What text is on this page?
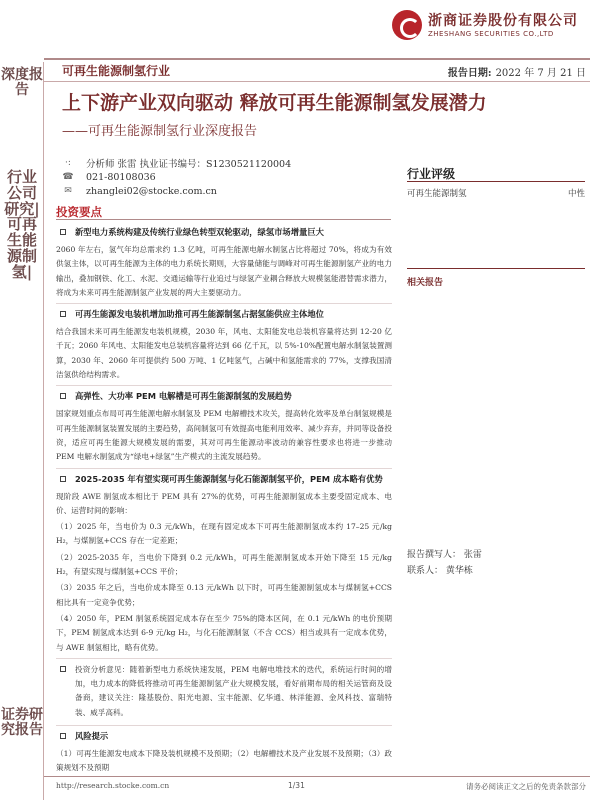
深度报告
行业公司研究|可再生能源制氢|
证券研究报告
浙商证券股份有限公司
ZHESHANG SECURITIES CO.,LTD
可再生能源制氢行业	报告日期: 2022 年 7 月 21 日
上下游产业双向驱动 释放可再生能源制氢发展潜力
——可再生能源制氢行业深度报告
·:	分析师 张雷 执业证书编号：S1230521120004
☎ 021-80108036
✉ zhanglei02@stocke.com.cn
行业评级
可再生能源制氢	中性
相关报告
报告撰写人： 张雷
联系人： 黄华栋
投资要点
新型电力系统构建及传统行业绿色转型双轮驱动，绿氢市场增量巨大
2060 年左右，氢气年均总需求约 1.3 亿吨，可再生能源电解水制氢占比将超过 70%，将成为有效供氢主体，以可再生能源为主体的电力系统长期则，大容量储能与调峰对可再生能源制氢产业的电力输出，叠加钢铁、化工、水泥、交通运输等行业追过与绿氢产业耦合释放大规模氢能潜替需求潜力，将成为未来可再生能源制氢产业发展的两大主要驱动力。
可再生能源发电装机增加助推可再生能源制氢占据氢能供应主体地位
结合我国未来可再生能源发电装机规模，2030 年，风电、太阳能发电总装机容量将达到 12-20 亿千瓦；2060 年风电、太阳能发电总装机容量将达到 66 亿千瓦，以 5%-10%配置电解水制氢装置测算，2030 年、2060 年可提供约 500 万吨、1 亿吨氢气，占碱中和氢能需求的 77%，支撑我国清洁氢供给结构需求。
高弹性、大功率 PEM 电解槽是可再生能源制氢的发展趋势
国家规划重点布局可再生能源电解水制氢及 PEM 电解槽技术攻关，提高转化效率及单台制氢规模是可再生能源制氢装置发展的主要趋势，高间制氢可有效提高电能利用效率、减少弃弃，并同等设备投资，适应可再生能源大规模发展的需要，其对可再生能源动率波动的兼容性要求也将进一步推动 PEM 电解水制氢成为“绿电+绿氢”生产模式的主流发展趋势。
2025-2035 年有望实现可再生能源制氢与化石能源制氢平价，PEM 成本略有优势
现阶段 AWE 制氢成本相比于 PEM 具有 27%的优势，可再生能源制氢成本主要受固定成本、电价、运营时间的影响：
（1）2025 年，当电价为 0.3 元/kWh，在现有固定成本下可再生能源制氢成本约 17–25 元/kg H₂，与煤制氢+CCS 存在一定差距；
（2）2025-2035 年，当电价下降到 0.2 元/kWh，可再生能源制氢成本开始下降至 15 元/kg H₂，有望实现与煤制氢+CCS 平价；
（3）2035 年之后，当电价成本降至 0.13 元/kWh 以下时，可再生能源制氢成本与煤制氢+CCS 相比具有一定竞争优势；
（4）2050 年，PEM 制氢系统固定成本存在至少 75%的降本区间，在 0.1 元/kWh 的电价预期下，PEM 制氢成本达到 6-9 元/kg H₂，与化石能源制氢（不含 CCS）相当或具有一定成本优势，与 AWE 制氢相比，略有优势。
投资分析意见：随着新型电力系统快速发展，PEM 电解电堆技术的迭代，系统运行时间的增加，电力成本的降低将推动可再生能源制氢产业大规模发展，看好前期布局的相关运管商及设备商，建议关注：隆基股份、阳光电源、宝丰能源、亿华通、林洋能源、金风科技、富瑞特装、威孚高科。
风险提示
（1）可再生能源发电成本下降及装机规模不及预期；（2）电解槽技术及产业发展不及预期；（3）政策规划不及预期
http://research.stocke.com.cn	1/31	请务必阅读正文之后的免责条款部分
